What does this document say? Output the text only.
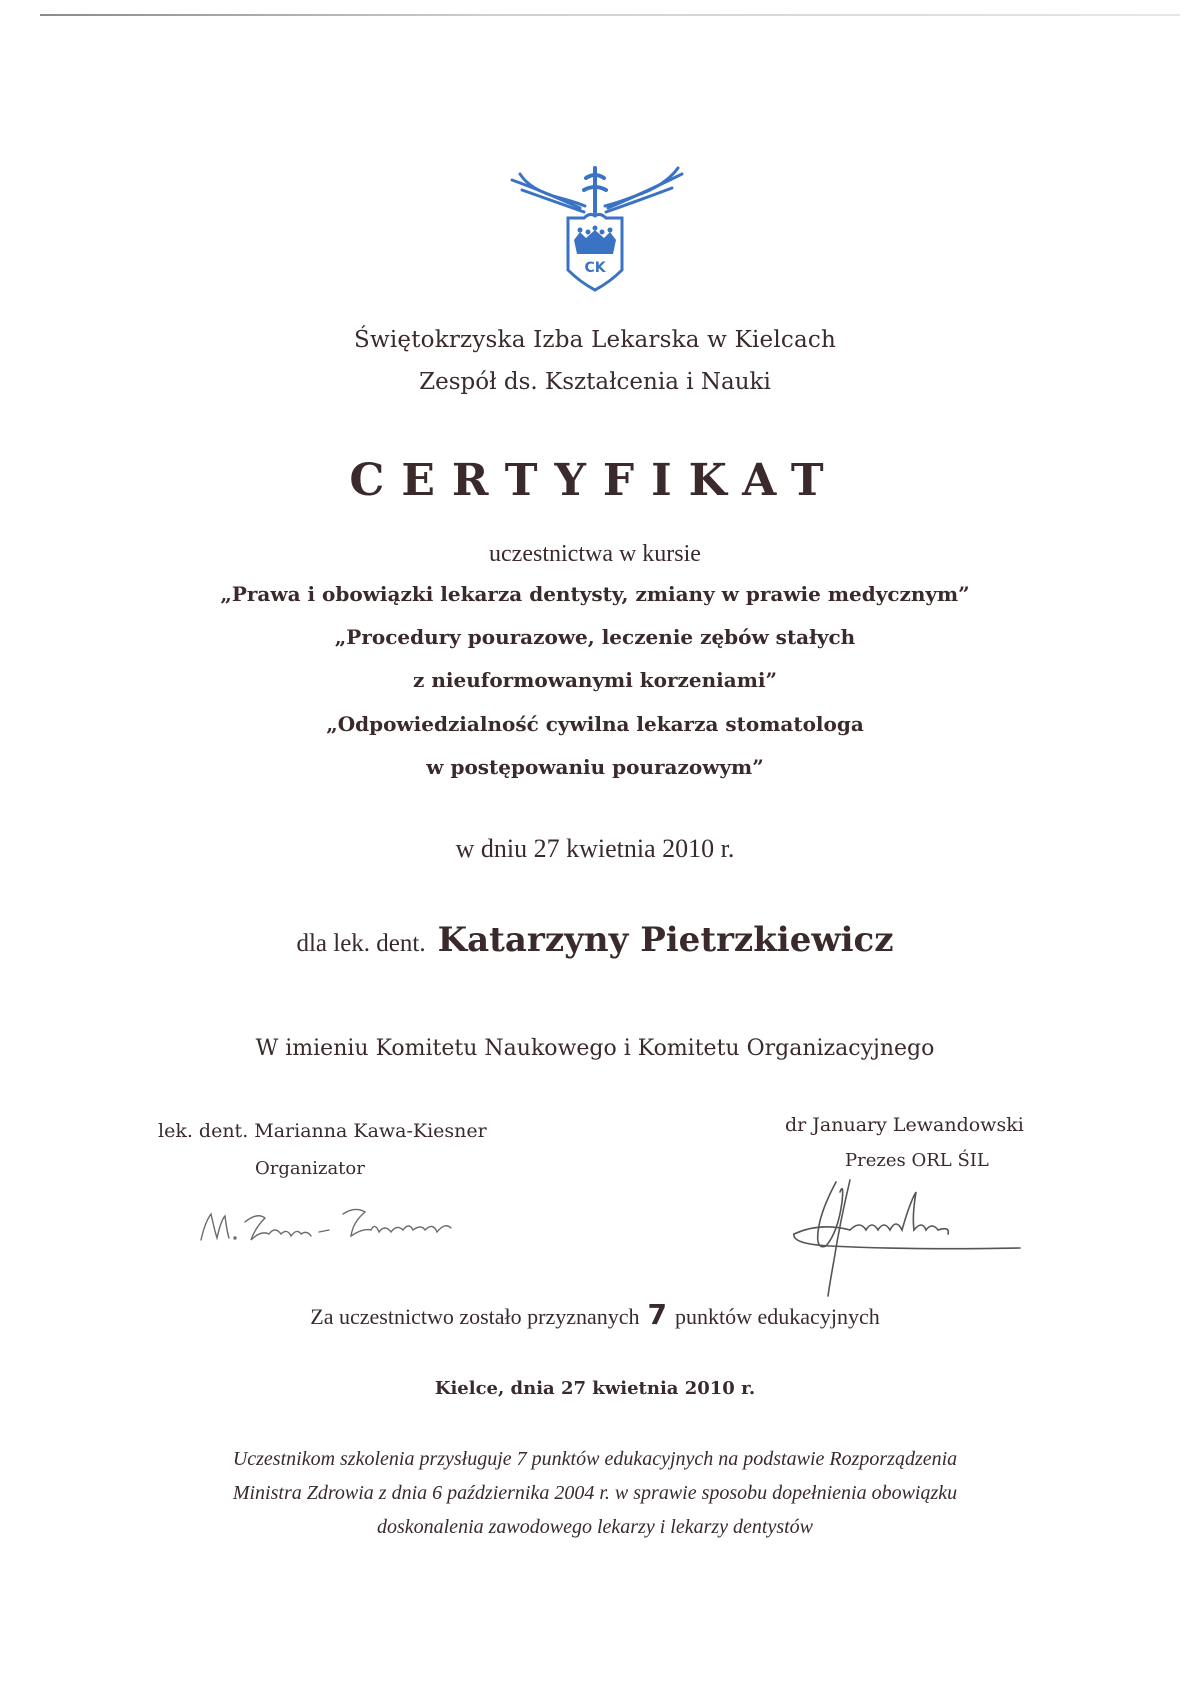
CK
Świętokrzyska Izba Lekarska w Kielcach
Zespół ds. Kształcenia i Nauki
CERTYFIKAT
uczestnictwa w kursie
„Prawa i obowiązki lekarza dentysty, zmiany w prawie medycznym”
„Procedury pourazowe, leczenie zębów stałych
z nieuformowanymi korzeniami”
„Odpowiedzialność cywilna lekarza stomatologa
w postępowaniu pourazowym”
w dniu 27 kwietnia 2010 r.
dla lek. dent. Katarzyny Pietrzkiewicz
W imieniu Komitetu Naukowego i Komitetu Organizacyjnego
lek. dent. Marianna Kawa-Kiesner
Organizator
dr January Lewandowski
Prezes ORL ŚIL
Za uczestnictwo zostało przyznanych 7 punktów edukacyjnych
Kielce, dnia 27 kwietnia 2010 r.
Uczestnikom szkolenia przysługuje 7 punktów edukacyjnych na podstawie Rozporządzenia
Ministra Zdrowia z dnia 6 października 2004 r. w sprawie sposobu dopełnienia obowiązku
doskonalenia zawodowego lekarzy i lekarzy dentystów
